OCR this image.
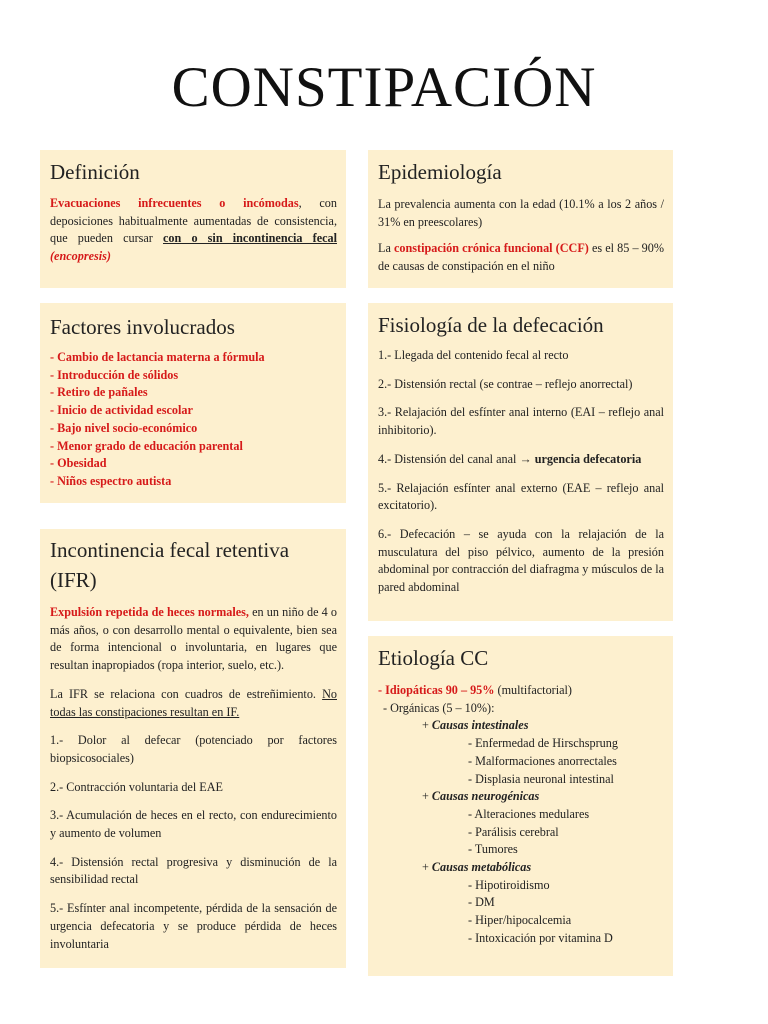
CONSTIPACIÓN
Definición

Evacuaciones infrecuentes o incómodas, con deposiciones habitualmente aumentadas de consistencia, que pueden cursar con o sin incontinencia fecal (encopresis)

Epidemiología

La prevalencia aumenta con la edad (10.1% a los 2 años / 31% en preescolares)

La constipación crónica funcional (CCF) es el 85 – 90% de causas de constipación en el niño

Factores involucrados
- Cambio de lactancia materna a fórmula
- Introducción de sólidos
- Retiro de pañales
- Inicio de actividad escolar
- Bajo nivel socio-económico
- Menor grado de educación parental
- Obesidad
- Niños espectro autista
Fisiología de la defecación

1.- Llegada del contenido fecal al recto

2.- Distensión rectal (se contrae – reflejo anorrectal)

3.- Relajación del esfínter anal interno (EAI – reflejo anal inhibitorio).

4.- Distensión del canal anal → urgencia defecatoria

5.- Relajación esfínter anal externo (EAE – reflejo anal excitatorio).

6.- Defecación – se ayuda con la relajación de la musculatura del piso pélvico, aumento de la presión abdominal por contracción del diafragma y músculos de la pared abdominal

Incontinencia fecal retentiva (IFR)

Expulsión repetida de heces normales, en un niño de 4 o más años, o con desarrollo mental o equivalente, bien sea de forma intencional o involuntaria, en lugares que resultan inapropiados (ropa interior, suelo, etc.).

La IFR se relaciona con cuadros de estreñimiento. No todas las constipaciones resultan en IF.

1.- Dolor al defecar (potenciado por factores biopsicosociales)

2.- Contracción voluntaria del EAE

3.- Acumulación de heces en el recto, con endurecimiento y aumento de volumen

4.- Distensión rectal progresiva y disminución de la sensibilidad rectal

5.- Esfínter anal incompetente, pérdida de la sensación de urgencia defecatoria y se produce pérdida de heces involuntaria

Etiología CC
- Idiopáticas 90 – 95% (multifactorial)
- Orgánicas (5 – 10%):
+ Causas intestinales
- Enfermedad de Hirschsprung
- Malformaciones anorrectales
- Displasia neuronal intestinal
+ Causas neurogénicas
- Alteraciones medulares
- Parálisis cerebral
- Tumores
+ Causas metabólicas
- Hipotiroidismo
- DM
- Hiper/hipocalcemia
- Intoxicación por vitamina D
